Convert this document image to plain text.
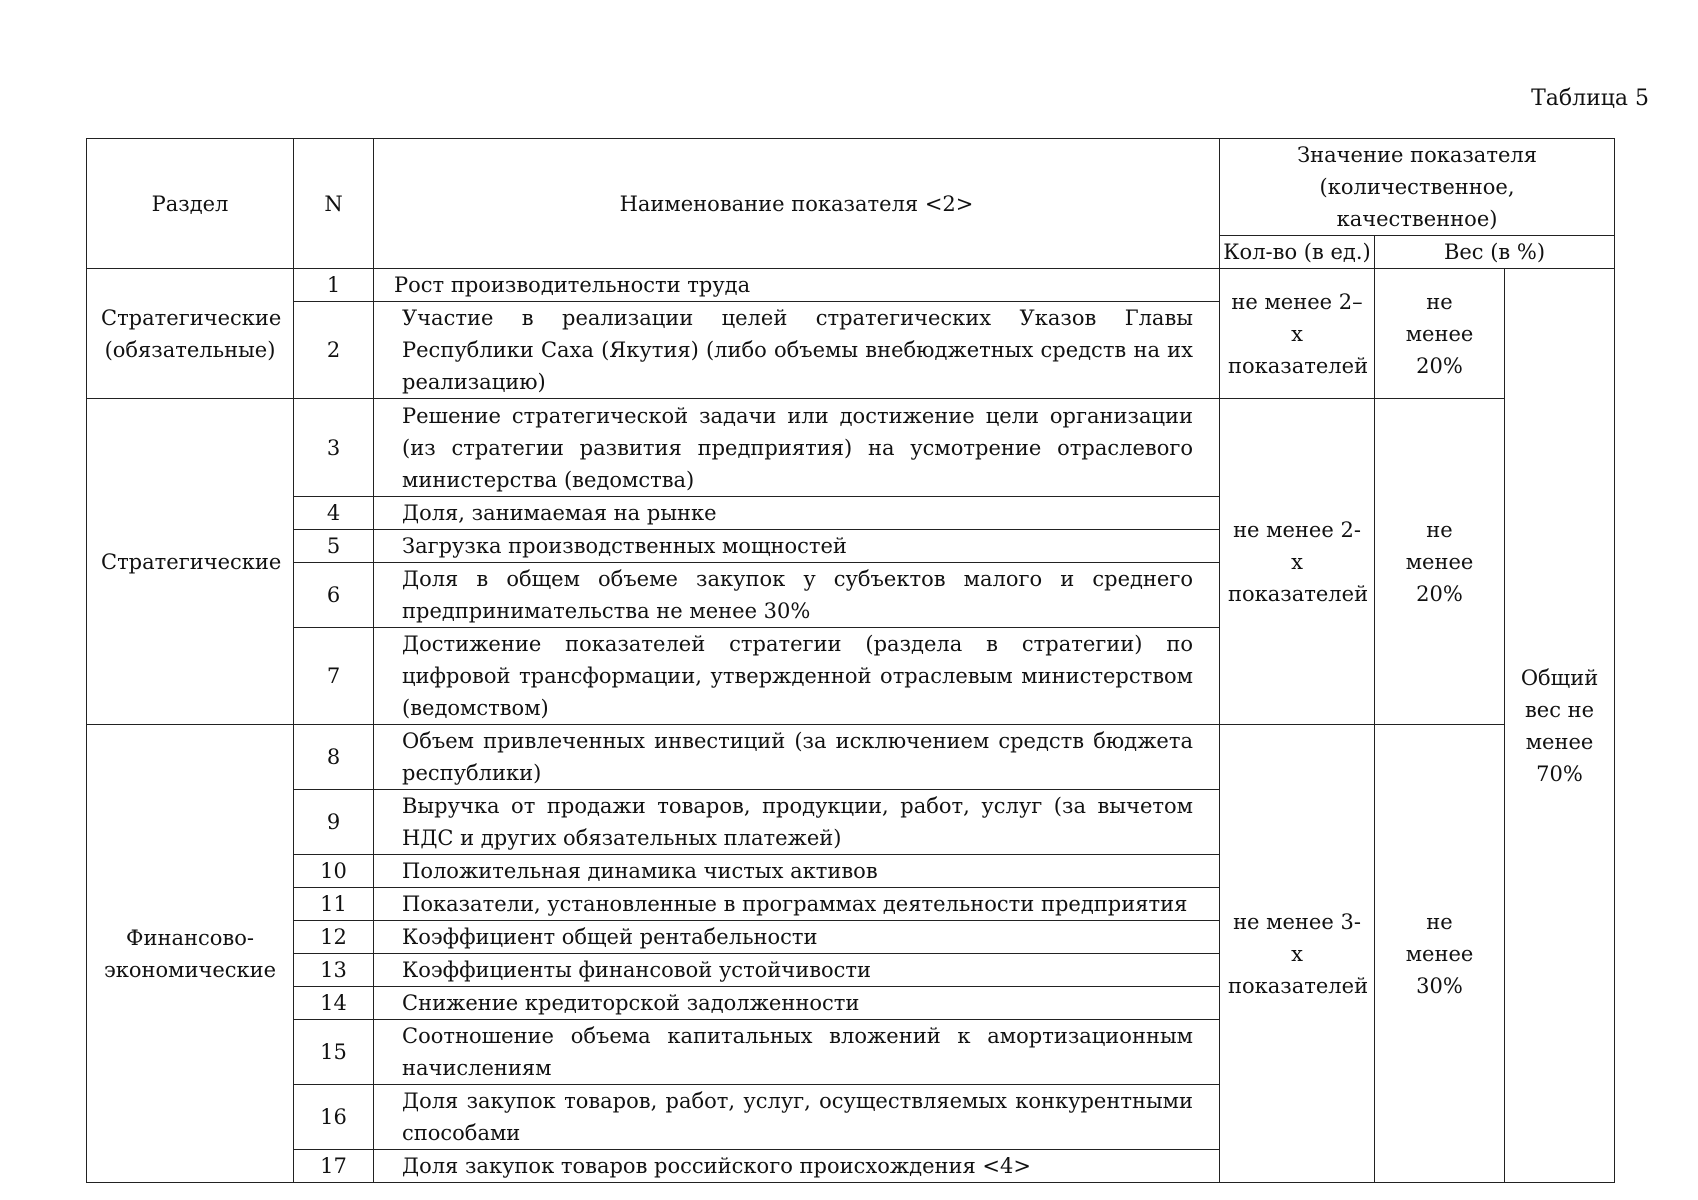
Таблица 5
Раздел	N	Наименование показателя <2>	Значение показателя (количественное, качественное)		
			Кол-во (в ед.)	Вес (в %)	
Стратегические (обязательные)	1	Рост производительности труда	не менее 2–х показателей	не менее 20%	Общий вес не менее 70%
	2	Участие в реализации целей стратегических Указов Главы Республики Саха (Якутия) (либо объемы внебюджетных средств на их реализацию)			
Стратегические	3	Решение стратегической задачи или достижение цели организации (из стратегии развития предприятия) на усмотрение отраслевого министерства (ведомства)	не менее 2-х показателей	не менее 20%	
	4	Доля, занимаемая на рынке			
	5	Загрузка производственных мощностей			
	6	Доля в общем объеме закупок у субъектов малого и среднего предпринимательства не менее 30%			
	7	Достижение показателей стратегии (раздела в стратегии) по цифровой трансформации, утвержденной отраслевым министерством (ведомством)			
Финансово-экономические	8	Объем привлеченных инвестиций (за исключением средств бюджета республики)	не менее 3-х показателей	не менее 30%	
	9	Выручка от продажи товаров, продукции, работ, услуг (за вычетом НДС и других обязательных платежей)			
	10	Положительная динамика чистых активов			
	11	Показатели, установленные в программах деятельности предприятия			
	12	Коэффициент общей рентабельности			
	13	Коэффициенты финансовой устойчивости			
	14	Снижение кредиторской задолженности			
	15	Соотношение объема капитальных вложений к амортизационным начислениям			
	16	Доля закупок товаров, работ, услуг, осуществляемых конкурентными способами			
	17	Доля закупок товаров российского происхождения <4>			
